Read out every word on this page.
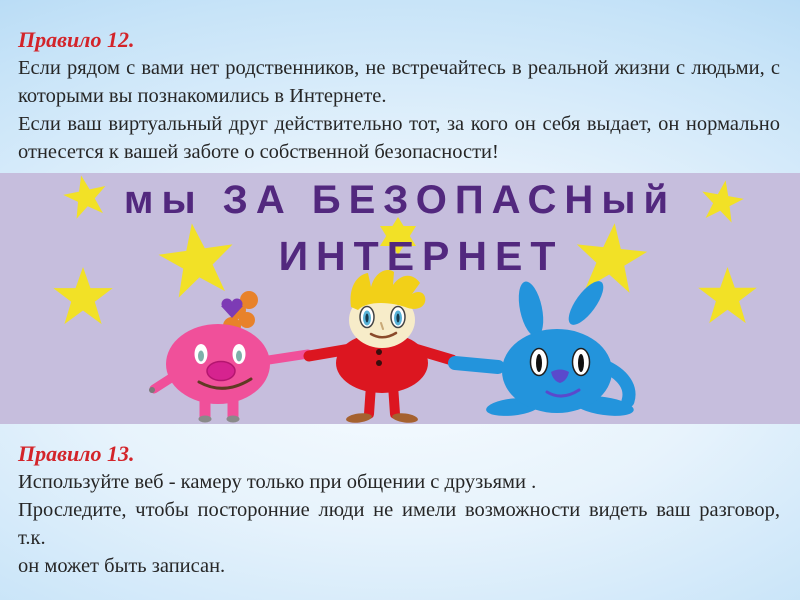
Правило 12.
Если рядом с вами нет родственников, не встречайтесь в реальной жизни с людьми, с
которыми вы познакомились в Интернете.
Если ваш виртуальный друг действительно тот, за кого он себя выдает, он нормально
отнесется к вашей заботе о собственной безопасности!
мы ЗА БЕЗОПАСНый
ИНТЕРНЕТ
Правило 13.
Используйте веб - камеру только при общении с друзьями .
Проследите, чтобы посторонние люди не имели возможности видеть ваш разговор, т.к.
он может быть записан.
